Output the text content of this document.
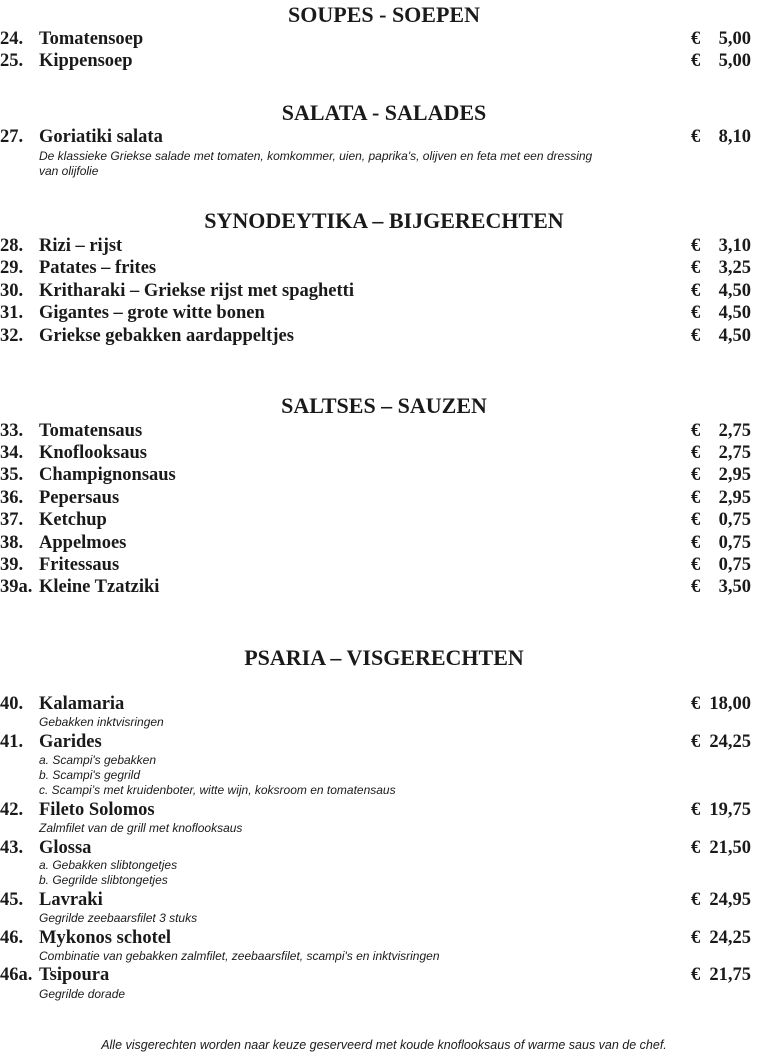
SOUPES - SOEPEN
24. Tomatensoep	€ 5,00
25. Kippensoep	€ 5,00
SALATA - SALADES
27. Goriatiki salata	€ 8,10
De klassieke Griekse salade met tomaten, komkommer, uien, paprika's, olijven en feta met een dressing
van olijfolie
SYNODEYTIKA – BIJGERECHTEN
28. Rizi – rijst	€ 3,10
29. Patates – frites	€ 3,25
30. Kritharaki – Griekse rijst met spaghetti	€ 4,50
31. Gigantes – grote witte bonen	€ 4,50
32. Griekse gebakken aardappeltjes	€ 4,50
SALTSES – SAUZEN
33. Tomatensaus	€ 2,75
34. Knoflooksaus	€ 2,75
35. Champignonsaus	€ 2,95
36. Pepersaus	€ 2,95
37. Ketchup	€ 0,75
38. Appelmoes	€ 0,75
39. Fritessaus	€ 0,75
39a. Kleine Tzatziki	€ 3,50
PSARIA – VISGERECHTEN
40. Kalamaria	€ 18,00
Gebakken inktvisringen
41. Garides	€ 24,25
a. Scampi's gebakken
b. Scampi's gegrild
c. Scampi’s met kruidenboter, witte wijn, koksroom en tomatensaus
42. Fileto Solomos	€ 19,75
Zalmfilet van de grill met knoflooksaus
43. Glossa	€ 21,50
a. Gebakken slibtongetjes
b. Gegrilde slibtongetjes
45. Lavraki	€ 24,95
Gegrilde zeebaarsfilet 3 stuks
46. Mykonos schotel	€ 24,25
Combinatie van gebakken zalmfilet, zeebaarsfilet, scampi's en inktvisringen
46a. Tsipoura	€ 21,75
Gegrilde dorade
Alle visgerechten worden naar keuze geserveerd met koude knoflooksaus of warme saus van de chef.
